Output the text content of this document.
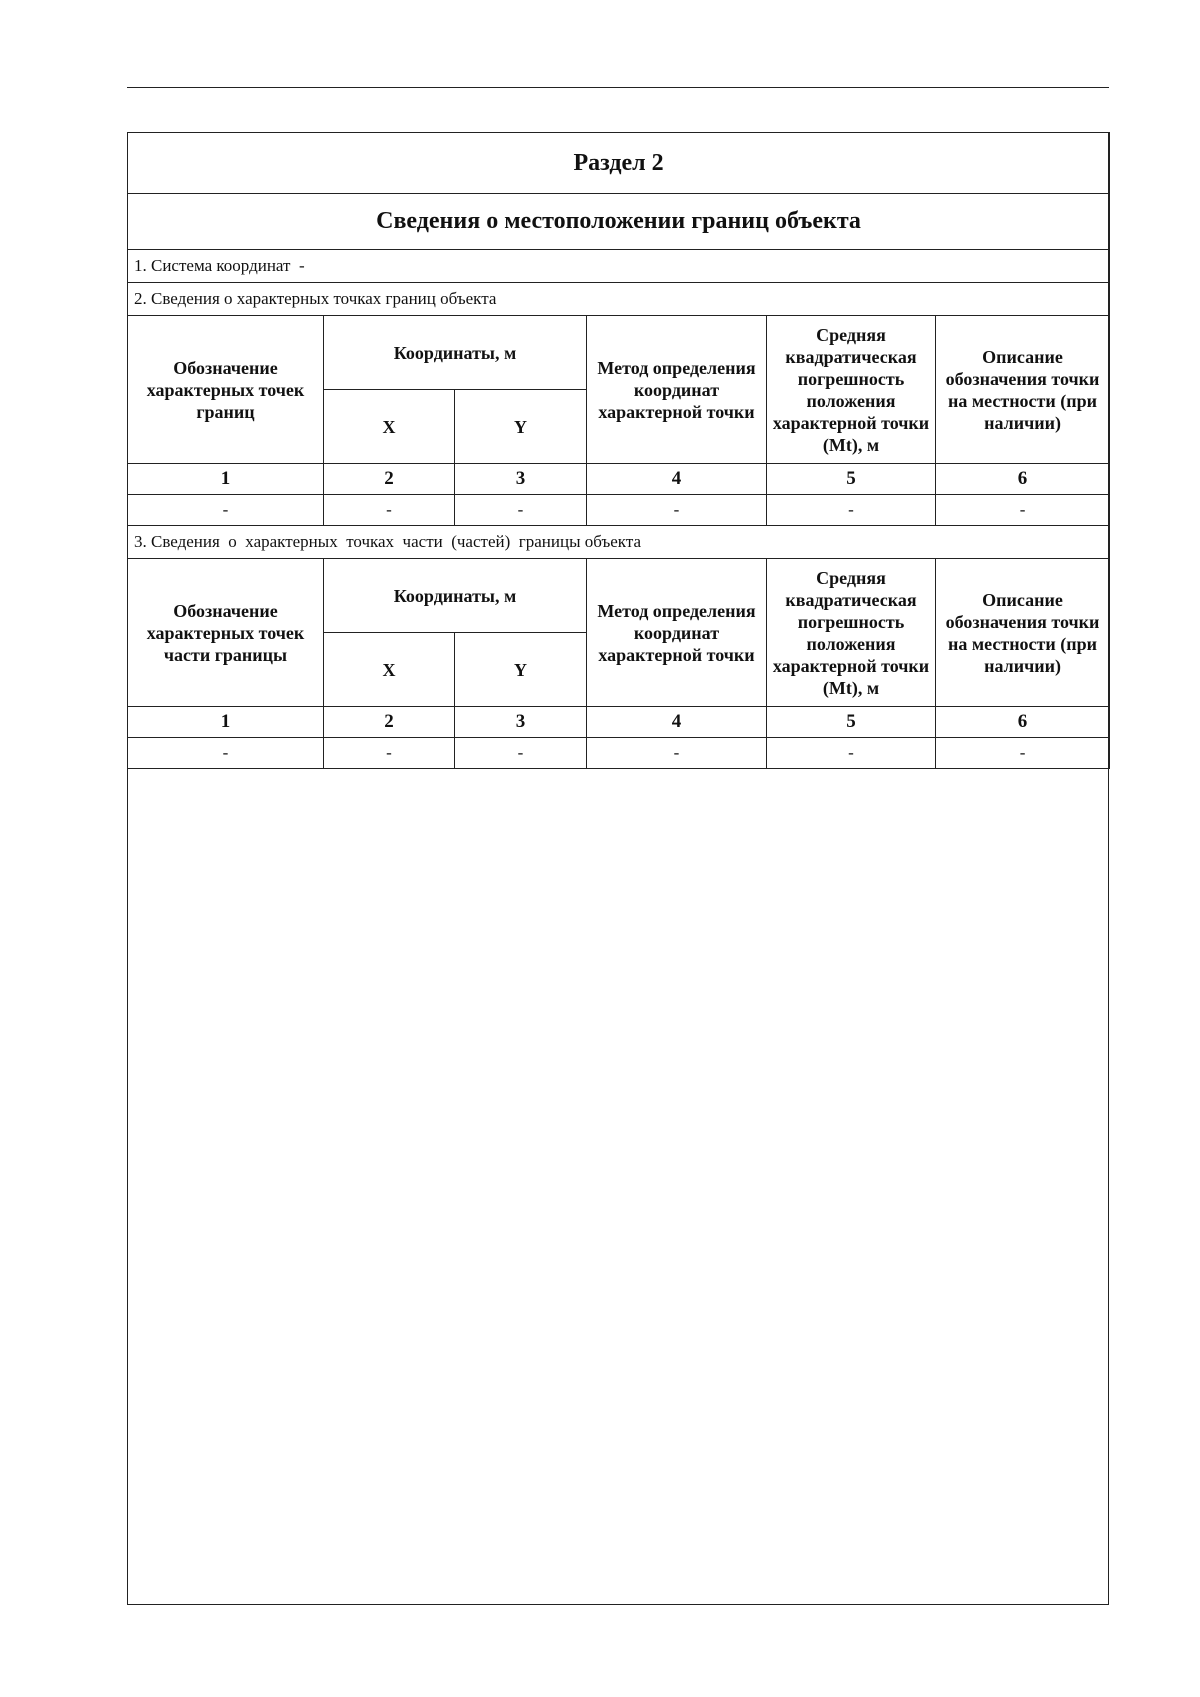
Раздел 2					
Сведения о местоположении границ объекта					
1. Система координат -					
2. Сведения о характерных точках границ объекта					
Обозначение характерных точек границ	Координаты, м		Метод определения координат характерной точки	Средняя квадратическая погрешность положения характерной точки (Mt), м	Описание обозначения точки на местности (при наличии)
	X	Y			
1	2	3	4	5	6
-	-	-	-	-	-
3. Сведения  о  характерных  точках  части  (частей)  границы объекта					
Обозначение характерных точек части границы	Координаты, м		Метод определения координат характерной точки	Средняя квадратическая погрешность положения характерной точки (Mt), м	Описание обозначения точки на местности (при наличии)
	X	Y			
1	2	3	4	5	6
-	-	-	-	-	-
